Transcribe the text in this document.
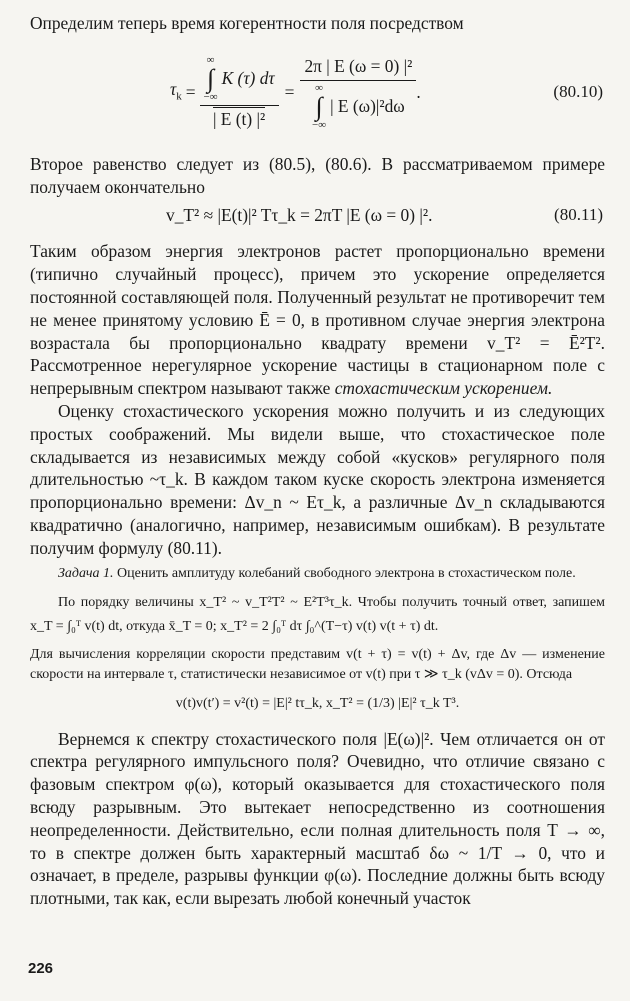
Определим теперь время когерентности поля посредством

$\tau_k$ = ∞
∫
−∞
K (τ) dτ
| E (t) |² =
2π | E (ω = 0) |²
∞
∫
−∞
| E (ω)|²dω
.	(80.10)

Второе равенство следует из (80.5), (80.6). В рассматриваемом примере получаем окончательно

v_T² ≈ |E(t)|² Tτ_k = 2πT |E (ω = 0) |².	(80.11)

Таким образом энергия электронов растет пропорционально времени (типично случайный процесс), причем это ускорение определяется постоянной составляющей поля. Полученный результат не противоречит тем не менее принятому условию Ē = 0, в противном случае энергия электрона возрастала бы пропорционально квадрату времени v_T² = Ē²T². Рассмотренное нерегулярное ускорение частицы в стационарном поле с непрерывным спектром называют также стохастическим ускорением.

Оценку стохастического ускорения можно получить и из следующих простых соображений. Мы видели выше, что стохастическое поле складывается из независимых между собой «кусков» регулярного поля длительностью ~τ_k. В каждом таком куске скорость электрона изменяется пропорционально времени: Δv_n ~ Eτ_k, а различные Δv_n складываются квадратично (аналогично, например, независимым ошибкам). В результате получим формулу (80.11).

Задача 1. Оценить амплитуду колебаний свободного электрона в стохастическом поле.

По порядку величины x_T² ~ v_T²T² ~ E²T³τ_k. Чтобы получить точный ответ, запишем x_T = ∫₀ᵀ v(t) dt, откуда x̄_T = 0; x_T² = 2 ∫₀ᵀ dτ ∫₀^(T−τ) v(t) v(t + τ) dt.

Для вычисления корреляции скорости представим v(t + τ) = v(t) + Δv, где Δv — изменение скорости на интервале τ, статистически независимое от v(t) при τ ≫ τ_k (vΔv = 0). Отсюда

v(t)v(t′) = v²(t) = |E|² tτ_k, x_T² = (1/3) |E|² τ_k T³.

Вернемся к спектру стохастического поля |E(ω)|². Чем отличается он от спектра регулярного импульсного поля? Очевидно, что отличие связано с фазовым спектром φ(ω), который оказывается для стохастического поля всюду разрывным. Это вытекает непосредственно из соотношения неопределенности. Действительно, если полная длительность поля T → ∞, то в спектре должен быть характерный масштаб δω ~ 1/T → 0, что и означает, в пределе, разрывы функции φ(ω). Последние должны быть всюду плотными, так как, если вырезать любой конечный участок

226
